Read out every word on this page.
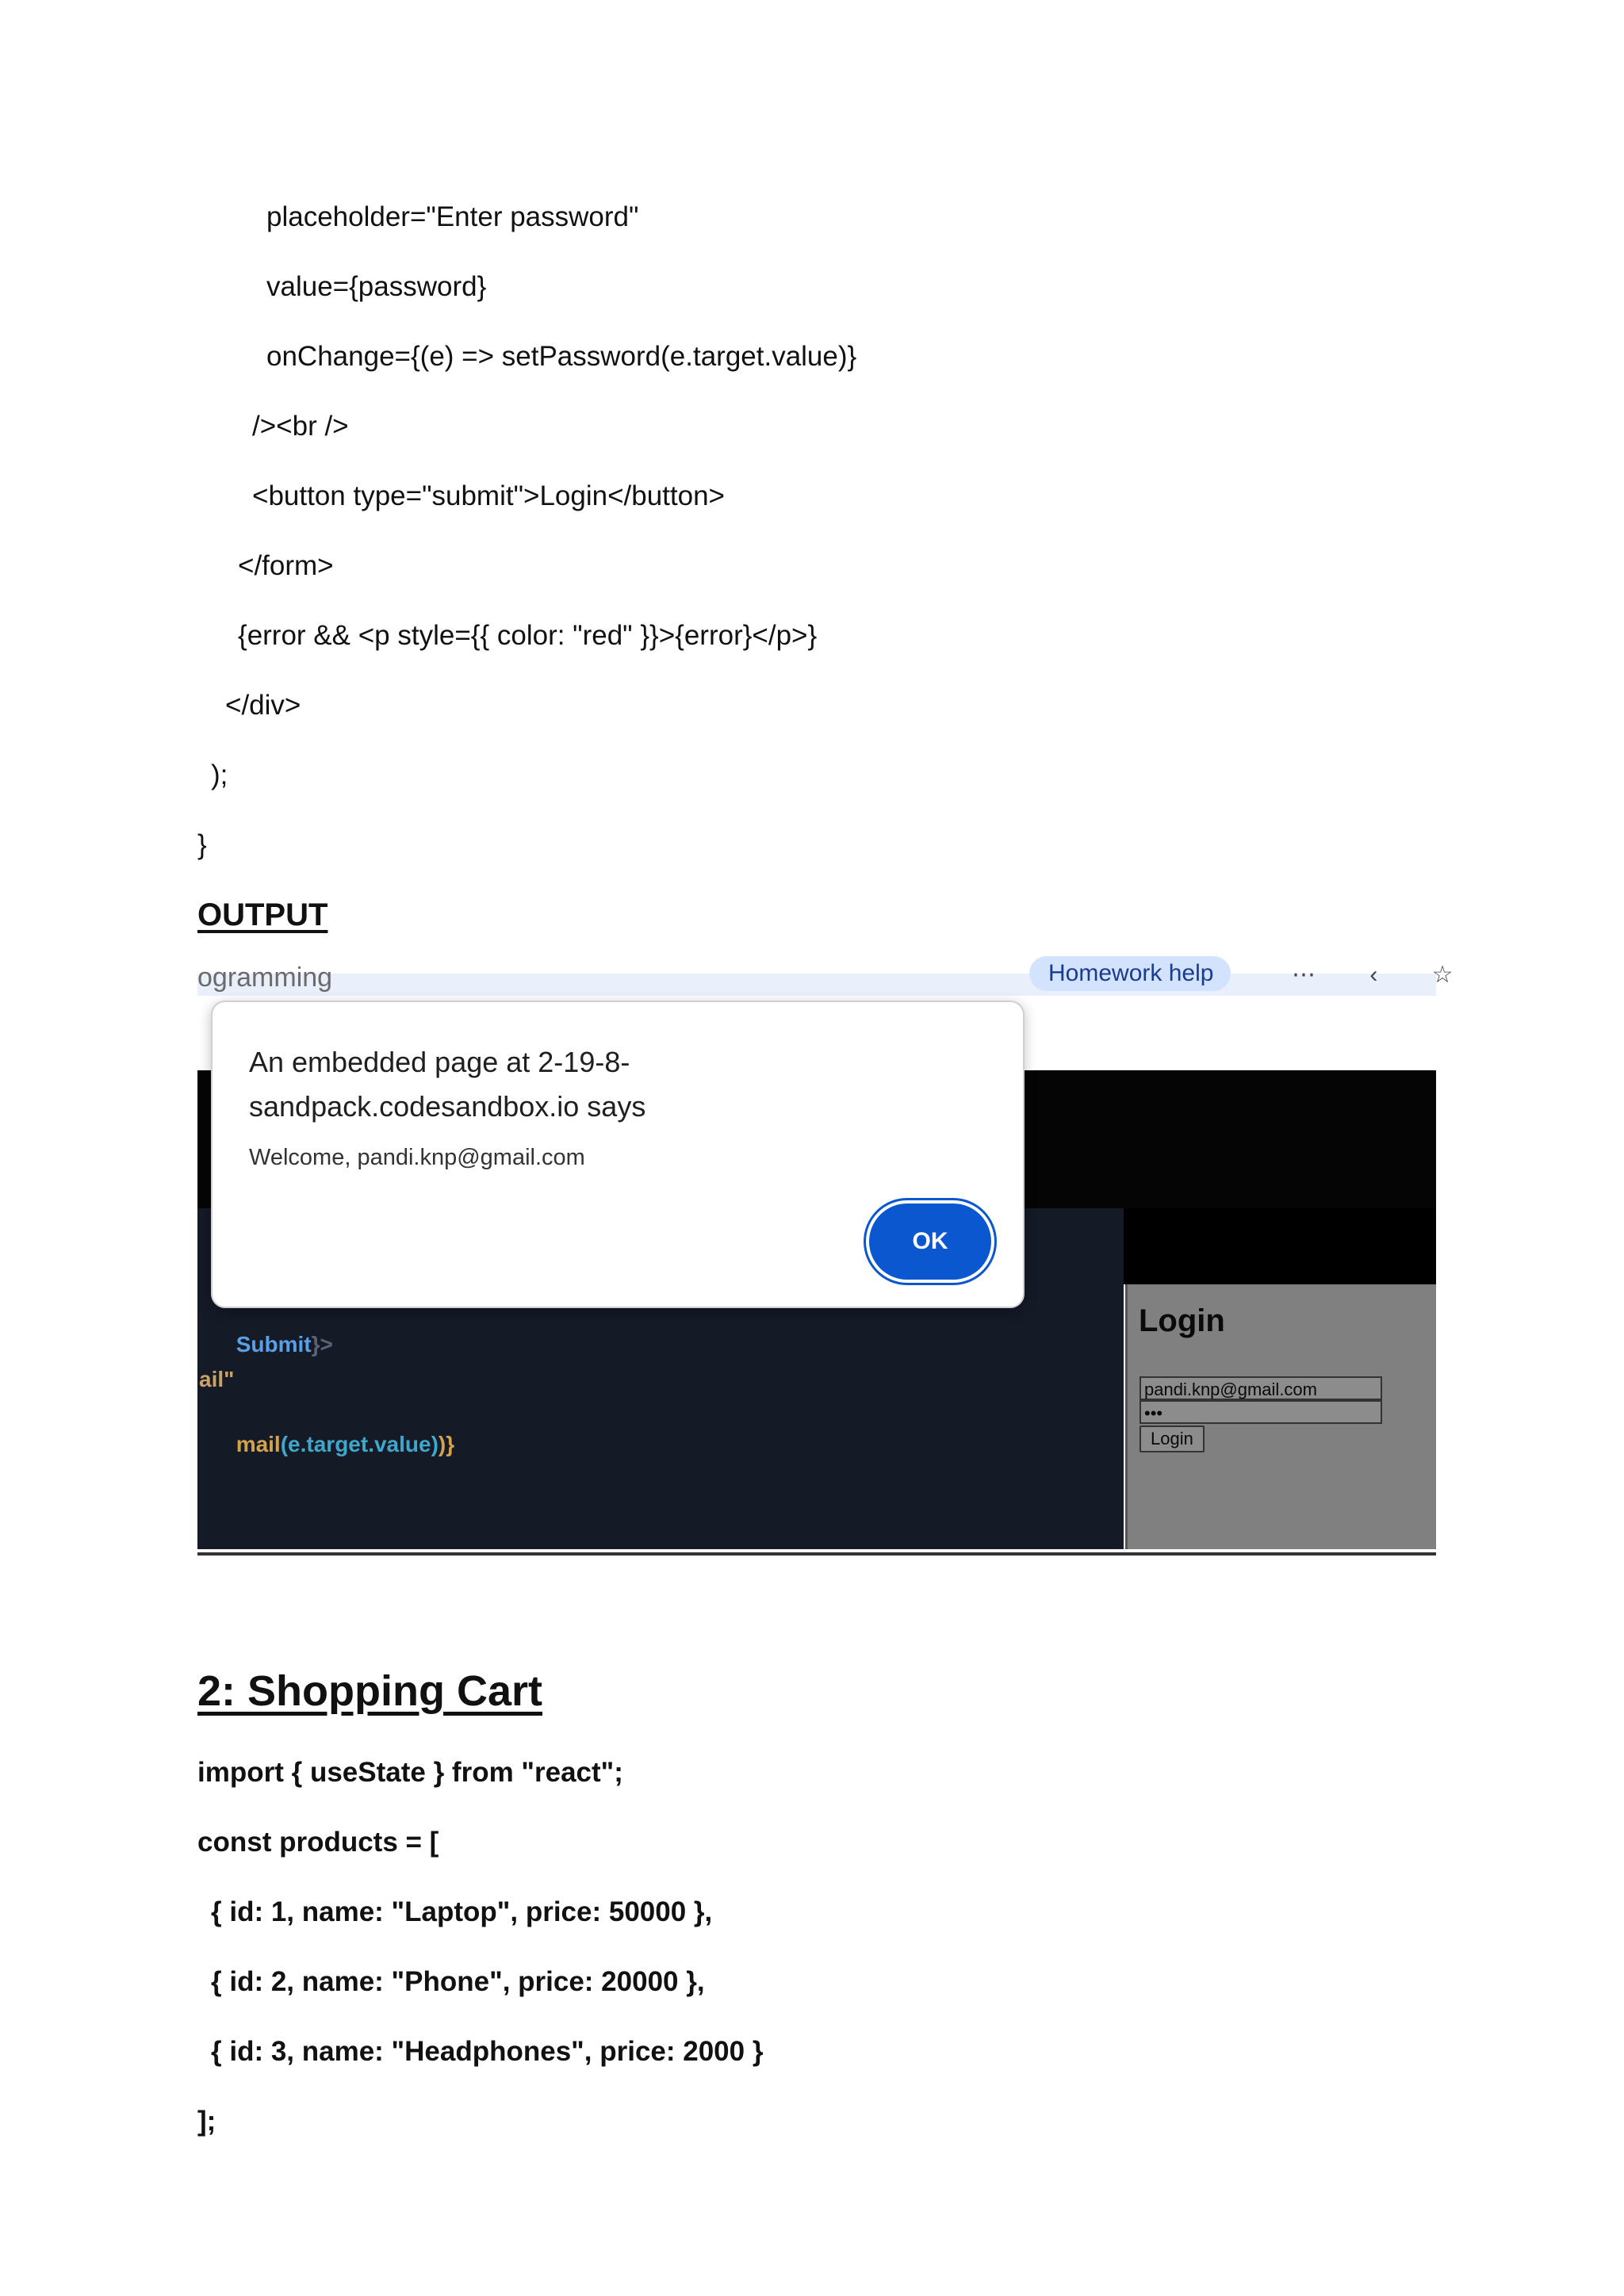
placeholder="Enter password"
value={password}
onChange={(e) => setPassword(e.target.value)}
/><br />
<button type="submit">Login</button>
</form>
{error && <p style={{ color: "red" }}>{error}</p>}
</div>
);
}
OUTPUT
ogramming	Homework help	⋯ ‹ ☆

Submit}>

ail"

mail(e.target.value))}

Login
pandi.knp@gmail.com
•••
Login
An embedded page at 2-19-8-sandpack.codesandbox.io says
Welcome, pandi.knp@gmail.com
OK
2: Shopping Cart
import { useState } from "react";
const products = [
{ id: 1, name: "Laptop", price: 50000 },
{ id: 2, name: "Phone", price: 20000 },
{ id: 3, name: "Headphones", price: 2000 }
];
